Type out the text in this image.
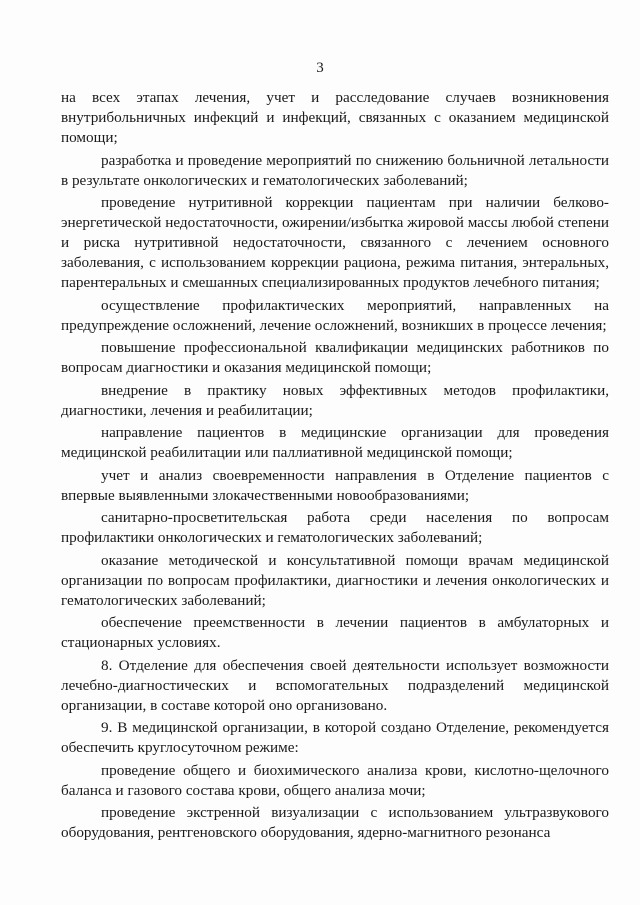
3

на всех этапах лечения, учет и расследование случаев возникновения внутрибольничных инфекций и инфекций, связанных с оказанием медицинской помощи;

разработка и проведение мероприятий по снижению больничной летальности в результате онкологических и гематологических заболеваний;

проведение нутритивной коррекции пациентам при наличии белково-энергетической недостаточности, ожирении/избытка жировой массы любой степени и риска нутритивной недостаточности, связанного с лечением основного заболевания, с использованием коррекции рациона, режима питания, энтеральных, парентеральных и смешанных специализированных продуктов лечебного питания;

осуществление профилактических мероприятий, направленных на предупреждение осложнений, лечение осложнений, возникших в процессе лечения;

повышение профессиональной квалификации медицинских работников по вопросам диагностики и оказания медицинской помощи;

внедрение в практику новых эффективных методов профилактики, диагностики, лечения и реабилитации;

направление пациентов в медицинские организации для проведения медицинской реабилитации или паллиативной медицинской помощи;

учет и анализ своевременности направления в Отделение пациентов с впервые выявленными злокачественными новообразованиями;

санитарно-просветительская работа среди населения по вопросам профилактики онкологических и гематологических заболеваний;

оказание методической и консультативной помощи врачам медицинской организации по вопросам профилактики, диагностики и лечения онкологических и гематологических заболеваний;

обеспечение преемственности в лечении пациентов в амбулаторных и стационарных условиях.

8. Отделение для обеспечения своей деятельности использует возможности лечебно-диагностических и вспомогательных подразделений медицинской организации, в составе которой оно организовано.

9. В медицинской организации, в которой создано Отделение, рекомендуется обеспечить круглосуточном режиме:

проведение общего и биохимического анализа крови, кислотно-щелочного баланса и газового состава крови, общего анализа мочи;

проведение экстренной визуализации с использованием ультразвукового оборудования, рентгеновского оборудования, ядерно-магнитного резонанса
